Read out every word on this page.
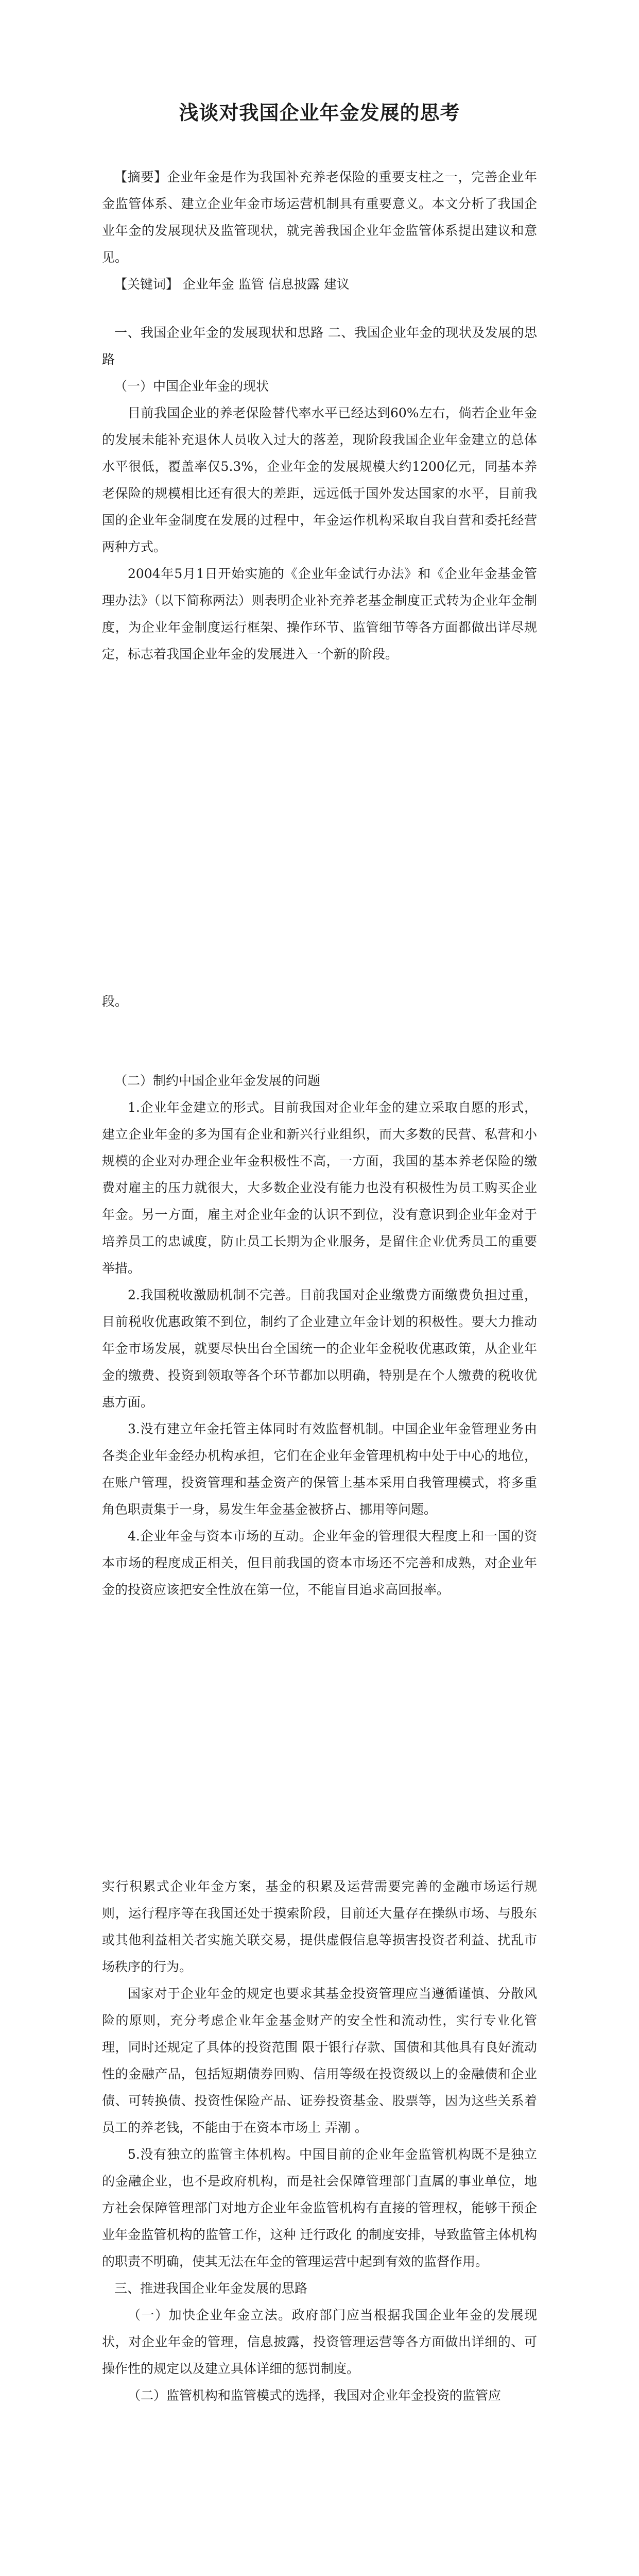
浅谈对我国企业年金发展的思考

【摘要】企业年金是作为我国补充养老保险的重要支柱之一，完善企业年金监管体系、建立企业年金市场运营机制具有重要意义。本文分析了我国企业年金的发展现状及监管现状，就完善我国企业年金监管体系提出建议和意见。

【关键词】 企业年金 监管 信息披露 建议

一、我国企业年金的发展现状和思路 二、我国企业年金的现状及发展的思路

（一）中国企业年金的现状

目前我国企业的养老保险替代率水平已经达到60%左右，倘若企业年金的发展未能补充退休人员收入过大的落差，现阶段我国企业年金建立的总体水平很低，覆盖率仅5.3%，企业年金的发展规模大约1200亿元，同基本养老保险的规模相比还有很大的差距，远远低于国外发达国家的水平，目前我国的企业年金制度在发展的过程中，年金运作机构采取自我自营和委托经营两种方式。

2004年5月1日开始实施的《企业年金试行办法》和《企业年金基金管理办法》（以下简称两法）则表明企业补充养老基金制度正式转为企业年金制度，为企业年金制度运行框架、操作环节、监管细节等各方面都做出详尽规定，标志着我国企业年金的发展进入一个新的阶段。

段。

（二）制约中国企业年金发展的问题

1.企业年金建立的形式。目前我国对企业年金的建立采取自愿的形式，建立企业年金的多为国有企业和新兴行业组织，而大多数的民营、私营和小规模的企业对办理企业年金积极性不高，一方面，我国的基本养老保险的缴费对雇主的压力就很大，大多数企业没有能力也没有积极性为员工购买企业年金。另一方面，雇主对企业年金的认识不到位，没有意识到企业年金对于培养员工的忠诚度，防止员工长期为企业服务，是留住企业优秀员工的重要举措。

2.我国税收激励机制不完善。目前我国对企业缴费方面缴费负担过重，目前税收优惠政策不到位，制约了企业建立年金计划的积极性。要大力推动年金市场发展，就要尽快出台全国统一的企业年金税收优惠政策，从企业年金的缴费、投资到领取等各个环节都加以明确，特别是在个人缴费的税收优惠方面。

3.没有建立年金托管主体同时有效监督机制。中国企业年金管理业务由各类企业年金经办机构承担，它们在企业年金管理机构中处于中心的地位，在账户管理，投资管理和基金资产的保管上基本采用自我管理模式，将多重角色职责集于一身，易发生年金基金被挤占、挪用等问题。

4.企业年金与资本市场的互动。企业年金的管理很大程度上和一国的资本市场的程度成正相关，但目前我国的资本市场还不完善和成熟，对企业年金的投资应该把安全性放在第一位，不能盲目追求高回报率。

实行积累式企业年金方案，基金的积累及运营需要完善的金融市场运行规则，运行程序等在我国还处于摸索阶段，目前还大量存在操纵市场、与股东或其他利益相关者实施关联交易，提供虚假信息等损害投资者利益、扰乱市场秩序的行为。

国家对于企业年金的规定也要求其基金投资管理应当遵循谨慎、分散风险的原则，充分考虑企业年金基金财产的安全性和流动性，实行专业化管理，同时还规定了具体的投资范围 限于银行存款、国债和其他具有良好流动性的金融产品，包括短期债券回购、信用等级在投资级以上的金融债和企业债、可转换债、投资性保险产品、证券投资基金、股票等，因为这些关系着员工的养老钱，不能由于在资本市场上 弄潮 。

5.没有独立的监管主体机构。中国目前的企业年金监管机构既不是独立的金融企业，也不是政府机构，而是社会保障管理部门直属的事业单位，地方社会保障管理部门对地方企业年金监管机构有直接的管理权，能够干预企业年金监管机构的监管工作，这种 迁行政化 的制度安排，导致监管主体机构的职责不明确，使其无法在年金的管理运营中起到有效的监督作用。

三、推进我国企业年金发展的思路

（一）加快企业年金立法。政府部门应当根据我国企业年金的发展现状，对企业年金的管理，信息披露，投资管理运营等各方面做出详细的、可操作性的规定以及建立具体详细的惩罚制度。

（二）监管机构和监管模式的选择，我国对企业年金投资的监管应
